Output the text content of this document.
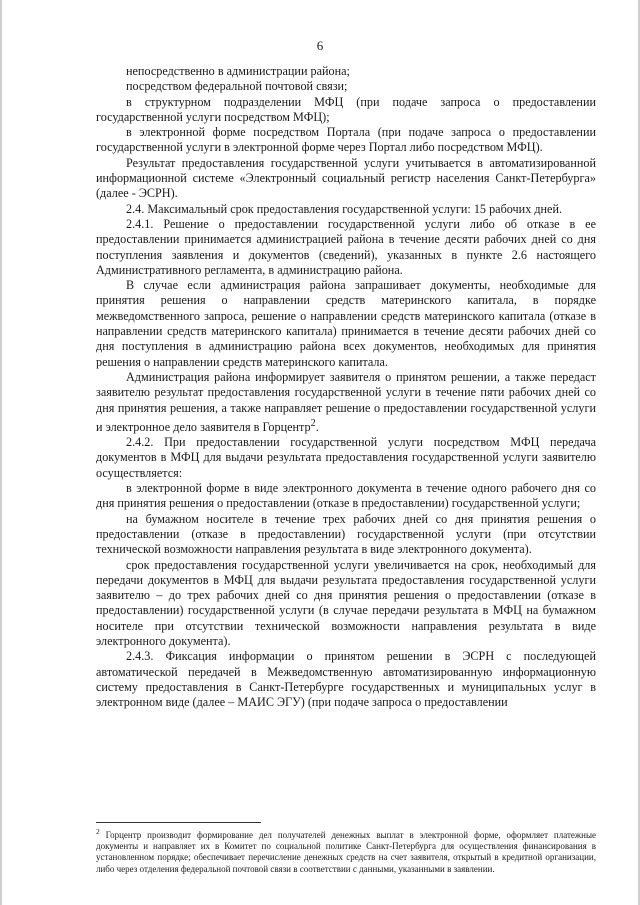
6

непосредственно в администрации района;

посредством федеральной почтовой связи;

в структурном подразделении МФЦ (при подаче запроса о предоставлении государственной услуги посредством МФЦ);

в электронной форме посредством Портала (при подаче запроса о предоставлении государственной услуги в электронной форме через Портал либо посредством МФЦ).

Результат предоставления государственной услуги учитывается в автоматизированной информационной системе «Электронный социальный регистр населения Санкт-Петербурга» (далее - ЭСРН).

2.4. Максимальный срок предоставления государственной услуги: 15 рабочих дней.

2.4.1. Решение о предоставлении государственной услуги либо об отказе в ее предоставлении принимается администрацией района в течение десяти рабочих дней со дня поступления заявления и документов (сведений), указанных в пункте 2.6 настоящего Административного регламента, в администрацию района.

В случае если администрация района запрашивает документы, необходимые для принятия решения о направлении средств материнского капитала, в порядке межведомственного запроса, решение о направлении средств материнского капитала (отказе в направлении средств материнского капитала) принимается в течение десяти рабочих дней со дня поступления в администрацию района всех документов, необходимых для принятия решения о направлении средств материнского капитала.

Администрация района информирует заявителя о принятом решении, а также передаст заявителю результат предоставления государственной услуги в течение пяти рабочих дней со дня принятия решения, а также направляет решение о предоставлении государственной услуги и электронное дело заявителя в Горцентр$^2$.

2.4.2. При предоставлении государственной услуги посредством МФЦ передача документов в МФЦ для выдачи результата предоставления государственной услуги заявителю осуществляется:

в электронной форме в виде электронного документа в течение одного рабочего дня со дня принятия решения о предоставлении (отказе в предоставлении) государственной услуги;

на бумажном носителе в течение трех рабочих дней со дня принятия решения о предоставлении (отказе в предоставлении) государственной услуги (при отсутствии технической возможности направления результата в виде электронного документа).

срок предоставления государственной услуги увеличивается на срок, необходимый для передачи документов в МФЦ для выдачи результата предоставления государственной услуги заявителю – до трех рабочих дней со дня принятия решения о предоставлении (отказе в предоставлении) государственной услуги (в случае передачи результата в МФЦ на бумажном носителе при отсутствии технической возможности направления результата в виде электронного документа).

2.4.3. Фиксация информации о принятом решении в ЭСРН с последующей автоматической передачей в Межведомственную автоматизированную информационную систему предоставления в Санкт-Петербурге государственных и муниципальных услуг в электронном виде (далее – МАИС ЭГУ) (при подаче запроса о предоставлении

$^2$ Горцентр производит формирование дел получателей денежных выплат в электронной форме, оформляет платежные документы и направляет их в Комитет по социальной политике Санкт-Петербурга для осуществления финансирования в установленном порядке; обеспечивает перечисление денежных средств на счет заявителя, открытый в кредитной организации, либо через отделения федеральной почтовой связи в соответствии с данными, указанными в заявлении.
